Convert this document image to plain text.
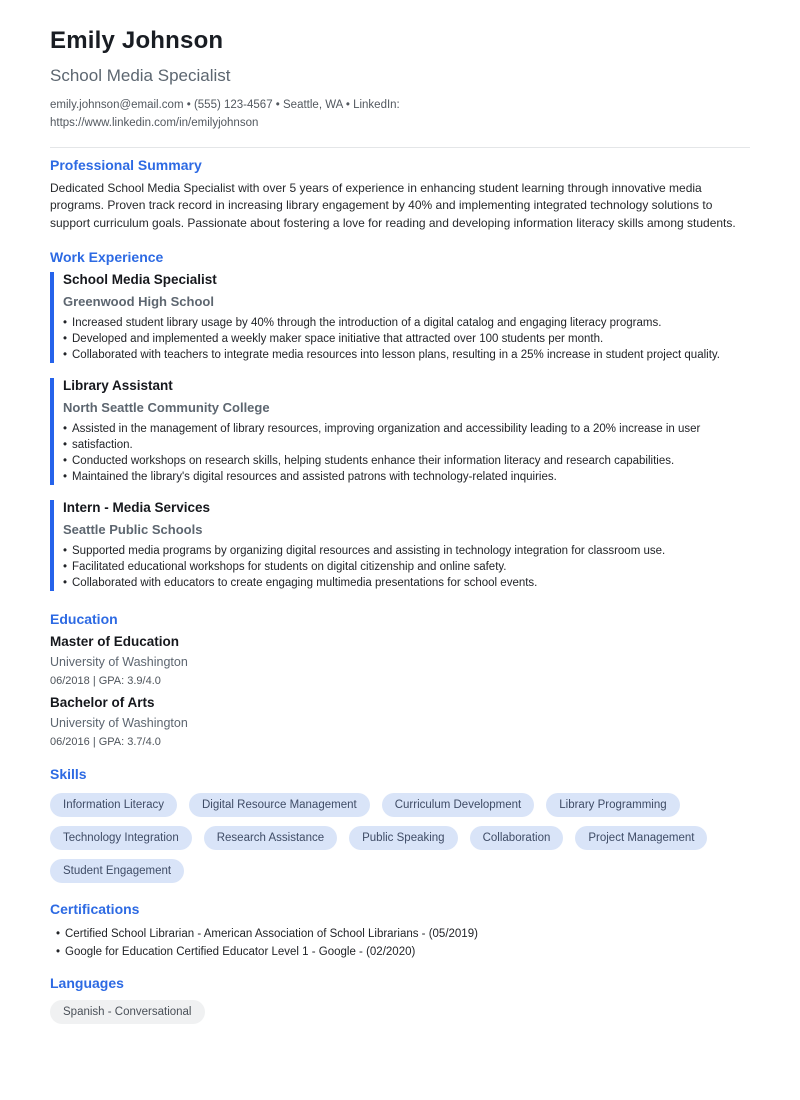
Emily Johnson
School Media Specialist
emily.johnson@email.com • (555) 123-4567 • Seattle, WA • LinkedIn:
https://www.linkedin.com/in/emilyjohnson
Professional Summary
Dedicated School Media Specialist with over 5 years of experience in enhancing student learning through innovative media programs. Proven track record in increasing library engagement by 40% and implementing integrated technology solutions to support curriculum goals. Passionate about fostering a love for reading and developing information literacy skills among students.
Work Experience
School Media Specialist
Greenwood High School
• Increased student library usage by 40% through the introduction of a digital catalog and engaging literacy programs.
• Developed and implemented a weekly maker space initiative that attracted over 100 students per month.
• Collaborated with teachers to integrate media resources into lesson plans, resulting in a 25% increase in student project quality.
Library Assistant
North Seattle Community College
• Assisted in the management of library resources, improving organization and accessibility leading to a 20% increase in user
• satisfaction.
• Conducted workshops on research skills, helping students enhance their information literacy and research capabilities.
• Maintained the library's digital resources and assisted patrons with technology-related inquiries.
Intern - Media Services
Seattle Public Schools
• Supported media programs by organizing digital resources and assisting in technology integration for classroom use.
• Facilitated educational workshops for students on digital citizenship and online safety.
• Collaborated with educators to create engaging multimedia presentations for school events.
Education
Master of Education
University of Washington
06/2018 | GPA: 3.9/4.0
Bachelor of Arts
University of Washington
06/2016 | GPA: 3.7/4.0
Skills
Information Literacy	Digital Resource Management	Curriculum Development	Library Programming
Technology Integration	Research Assistance	Public Speaking	Collaboration	Project Management
Student Engagement
Certifications
• Certified School Librarian - American Association of School Librarians - (05/2019)
• Google for Education Certified Educator Level 1 - Google - (02/2020)
Languages
Spanish - Conversational
